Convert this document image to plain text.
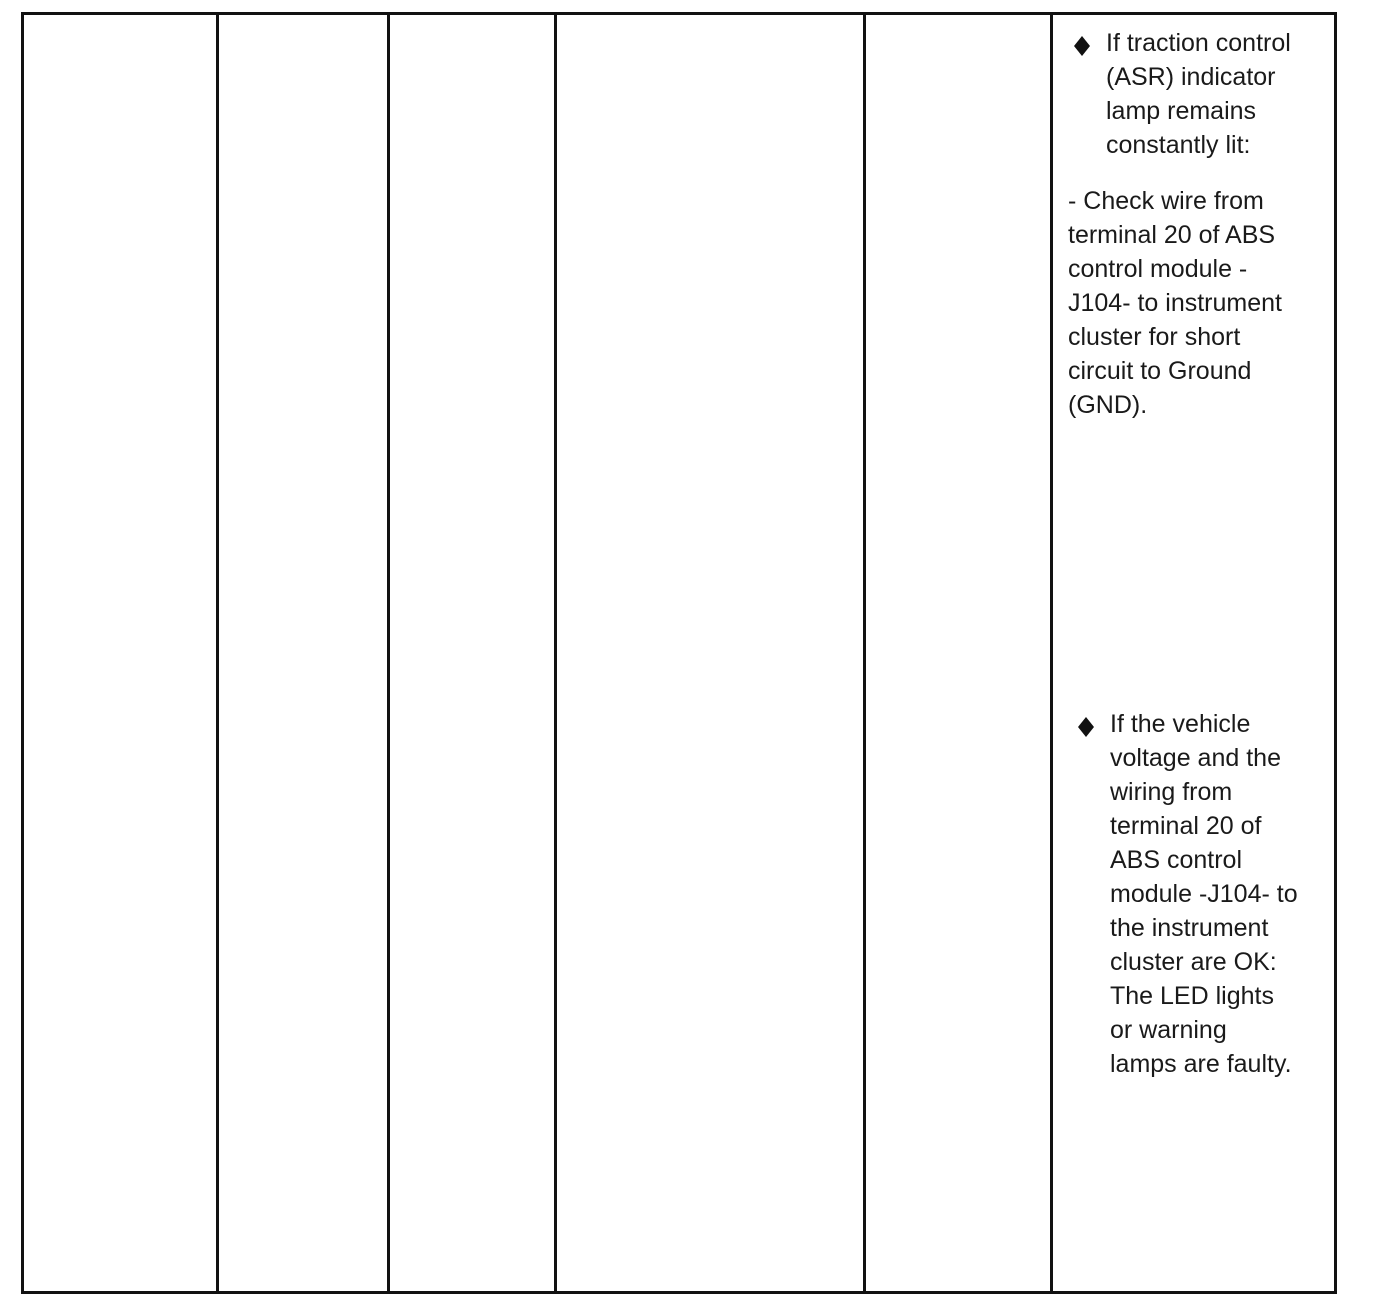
If traction control
(ASR) indicator
lamp remains
constantly lit:
- Check wire from
terminal 20 of ABS
control module -
J104- to instrument
cluster for short
circuit to Ground
(GND).
If the vehicle
voltage and the
wiring from
terminal 20 of
ABS control
module -J104- to
the instrument
cluster are OK:
The LED lights
or warning
lamps are faulty.
